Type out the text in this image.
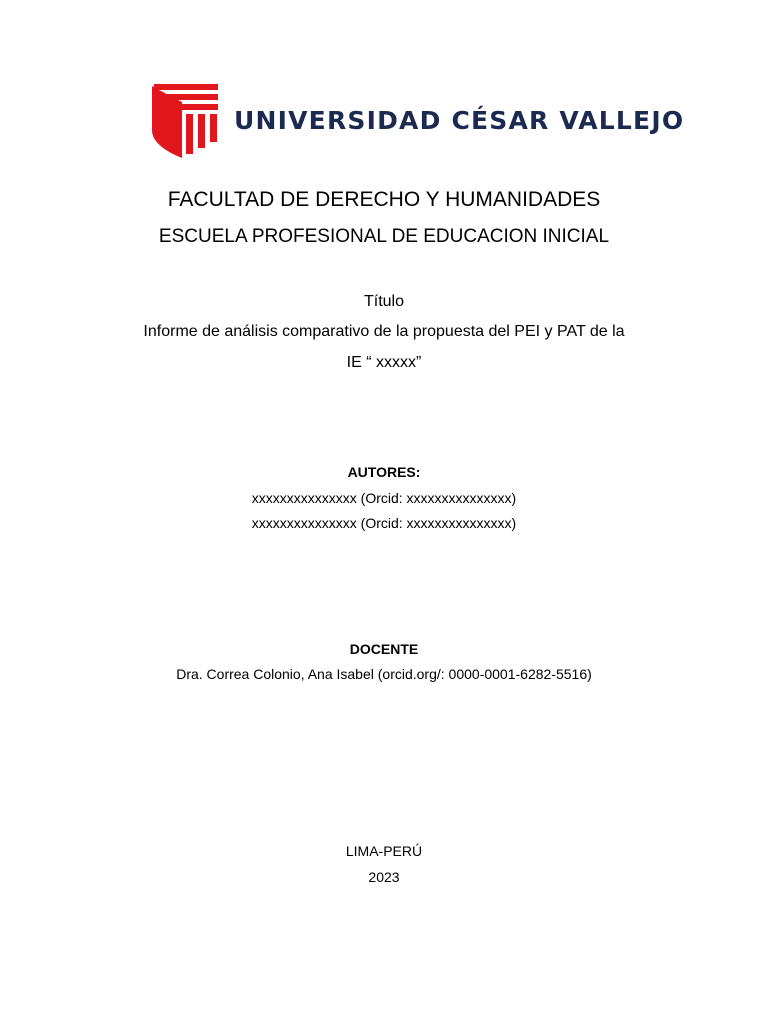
UNIVERSIDAD CÉSAR VALLEJO
FACULTAD DE DERECHO Y HUMANIDADES
ESCUELA PROFESIONAL DE EDUCACION INICIAL
Título
Informe de análisis comparativo de la propuesta del PEI y PAT de la
IE “ xxxxx”
AUTORES:
xxxxxxxxxxxxxxx (Orcid: xxxxxxxxxxxxxxx)
xxxxxxxxxxxxxxx (Orcid: xxxxxxxxxxxxxxx)
DOCENTE
Dra. Correa Colonio, Ana Isabel (orcid.org/: 0000-0001-6282-5516)
LIMA-PERÚ
2023
